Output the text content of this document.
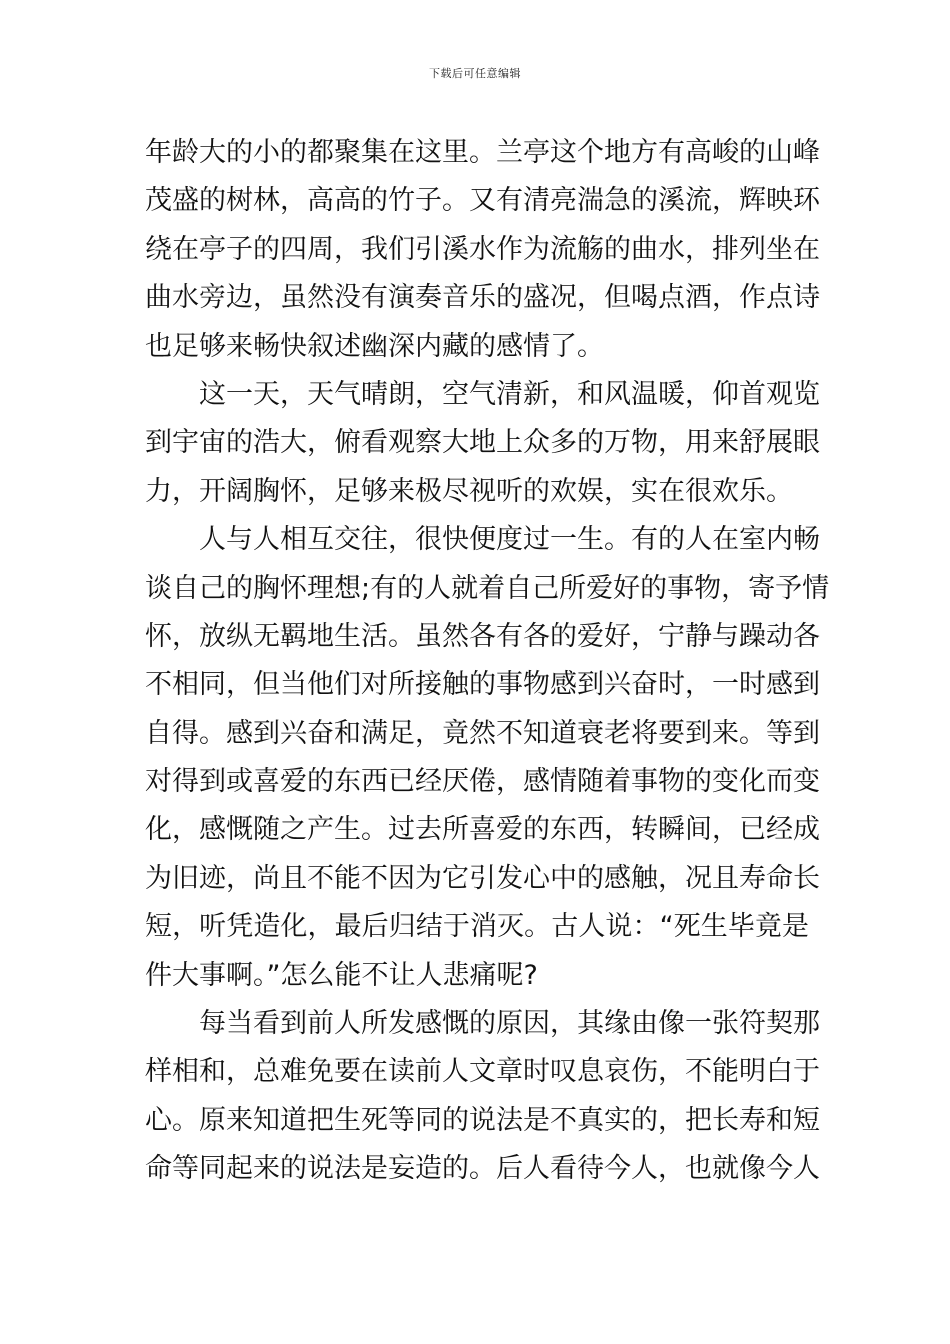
下载后可任意编辑
年龄大的小的都聚集在这里。兰亭这个地方有高峻的山峰
茂盛的树林，高高的竹子。又有清亮湍急的溪流，辉映环
绕在亭子的四周，我们引溪水作为流觞的曲水，排列坐在
曲水旁边，虽然没有演奏音乐的盛况，但喝点酒，作点诗
也足够来畅快叙述幽深内藏的感情了。
这一天，天气晴朗，空气清新，和风温暖，仰首观览
到宇宙的浩大，俯看观察大地上众多的万物，用来舒展眼
力，开阔胸怀，足够来极尽视听的欢娱，实在很欢乐。
人与人相互交往，很快便度过一生。有的人在室内畅
谈自己的胸怀理想;有的人就着自己所爱好的事物，寄予情
怀，放纵无羁地生活。虽然各有各的爱好，宁静与躁动各
不相同，但当他们对所接触的事物感到兴奋时，一时感到
自得。感到兴奋和满足，竟然不知道衰老将要到来。等到
对得到或喜爱的东西已经厌倦，感情随着事物的变化而变
化，感慨随之产生。过去所喜爱的东西，转瞬间，已经成
为旧迹，尚且不能不因为它引发心中的感触，况且寿命长
短，听凭造化，最后归结于消灭。古人说：“死生毕竟是
件大事啊。”怎么能不让人悲痛呢?
每当看到前人所发感慨的原因，其缘由像一张符契那
样相和，总难免要在读前人文章时叹息哀伤，不能明白于
心。原来知道把生死等同的说法是不真实的，把长寿和短
命等同起来的说法是妄造的。后人看待今人，也就像今人
